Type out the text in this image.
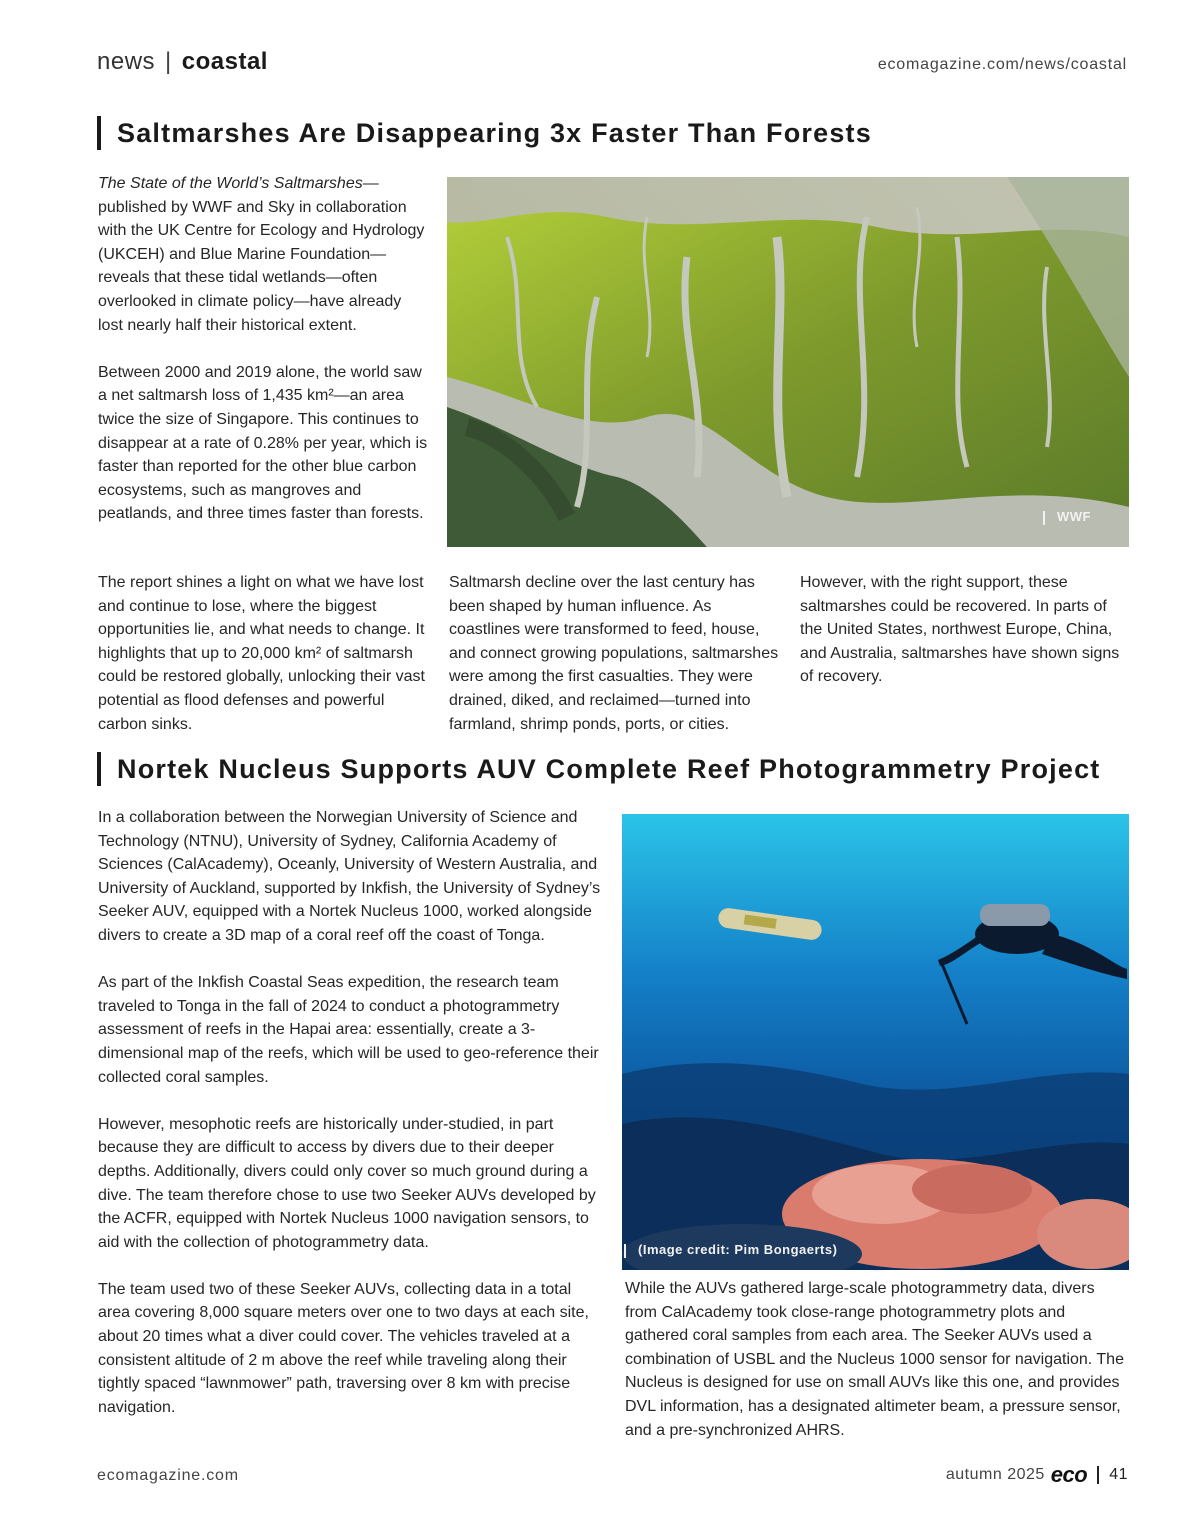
news | coastal	ecomagazine.com/news/coastal
Saltmarshes Are Disappearing 3x Faster Than Forests

The State of the World’s Saltmarshes—published by WWF and Sky in collaboration with the UK Centre for Ecology and Hydrology (UKCEH) and Blue Marine Foundation—reveals that these tidal wetlands—often overlooked in climate policy—have already lost nearly half their historical extent.

Between 2000 and 2019 alone, the world saw a net saltmarsh loss of 1,435 km²—an area twice the size of Singapore. This continues to disappear at a rate of 0.28% per year, which is faster than reported for the other blue carbon ecosystems, such as mangroves and peatlands, and three times faster than forests.	WWF

The report shines a light on what we have lost and continue to lose, where the biggest opportunities lie, and what needs to change. It highlights that up to 20,000 km² of saltmarsh could be restored globally, unlocking their vast potential as flood defenses and powerful carbon sinks.

Saltmarsh decline over the last century has been shaped by human influence. As coastlines were transformed to feed, house, and connect growing populations, saltmarshes were among the first casualties. They were drained, diked, and reclaimed—turned into farmland, shrimp ponds, ports, or cities.

However, with the right support, these saltmarshes could be recovered. In parts of the United States, northwest Europe, China, and Australia, saltmarshes have shown signs of recovery.

Nortek Nucleus Supports AUV Complete Reef Photogrammetry Project

In a collaboration between the Norwegian University of Science and Technology (NTNU), University of Sydney, California Academy of Sciences (CalAcademy), Oceanly, University of Western Australia, and University of Auckland, supported by Inkfish, the University of Sydney’s Seeker AUV, equipped with a Nortek Nucleus 1000, worked alongside divers to create a 3D map of a coral reef off the coast of Tonga.

As part of the Inkfish Coastal Seas expedition, the research team traveled to Tonga in the fall of 2024 to conduct a photogrammetry assessment of reefs in the Hapai area: essentially, create a 3-dimensional map of the reefs, which will be used to geo-reference their collected coral samples.

However, mesophotic reefs are historically under-studied, in part because they are difficult to access by divers due to their deeper depths. Additionally, divers could only cover so much ground during a dive. The team therefore chose to use two Seeker AUVs developed by the ACFR, equipped with Nortek Nucleus 1000 navigation sensors, to aid with the collection of photogrammetry data.

The team used two of these Seeker AUVs, collecting data in a total area covering 8,000 square meters over one to two days at each site, about 20 times what a diver could cover. The vehicles traveled at a consistent altitude of 2 m above the reef while traveling along their tightly spaced “lawnmower” path, traversing over 8 km with precise navigation.

(Image credit: Pim Bongaerts)

While the AUVs gathered large-scale photogrammetry data, divers from CalAcademy took close-range photogrammetry plots and gathered coral samples from each area. The Seeker AUVs used a combination of USBL and the Nucleus 1000 sensor for navigation. The Nucleus is designed for use on small AUVs like this one, and provides DVL information, has a designated altimeter beam, a pressure sensor, and a pre-synchronized AHRS.

ecomagazine.com	autumn 2025 eco 41
